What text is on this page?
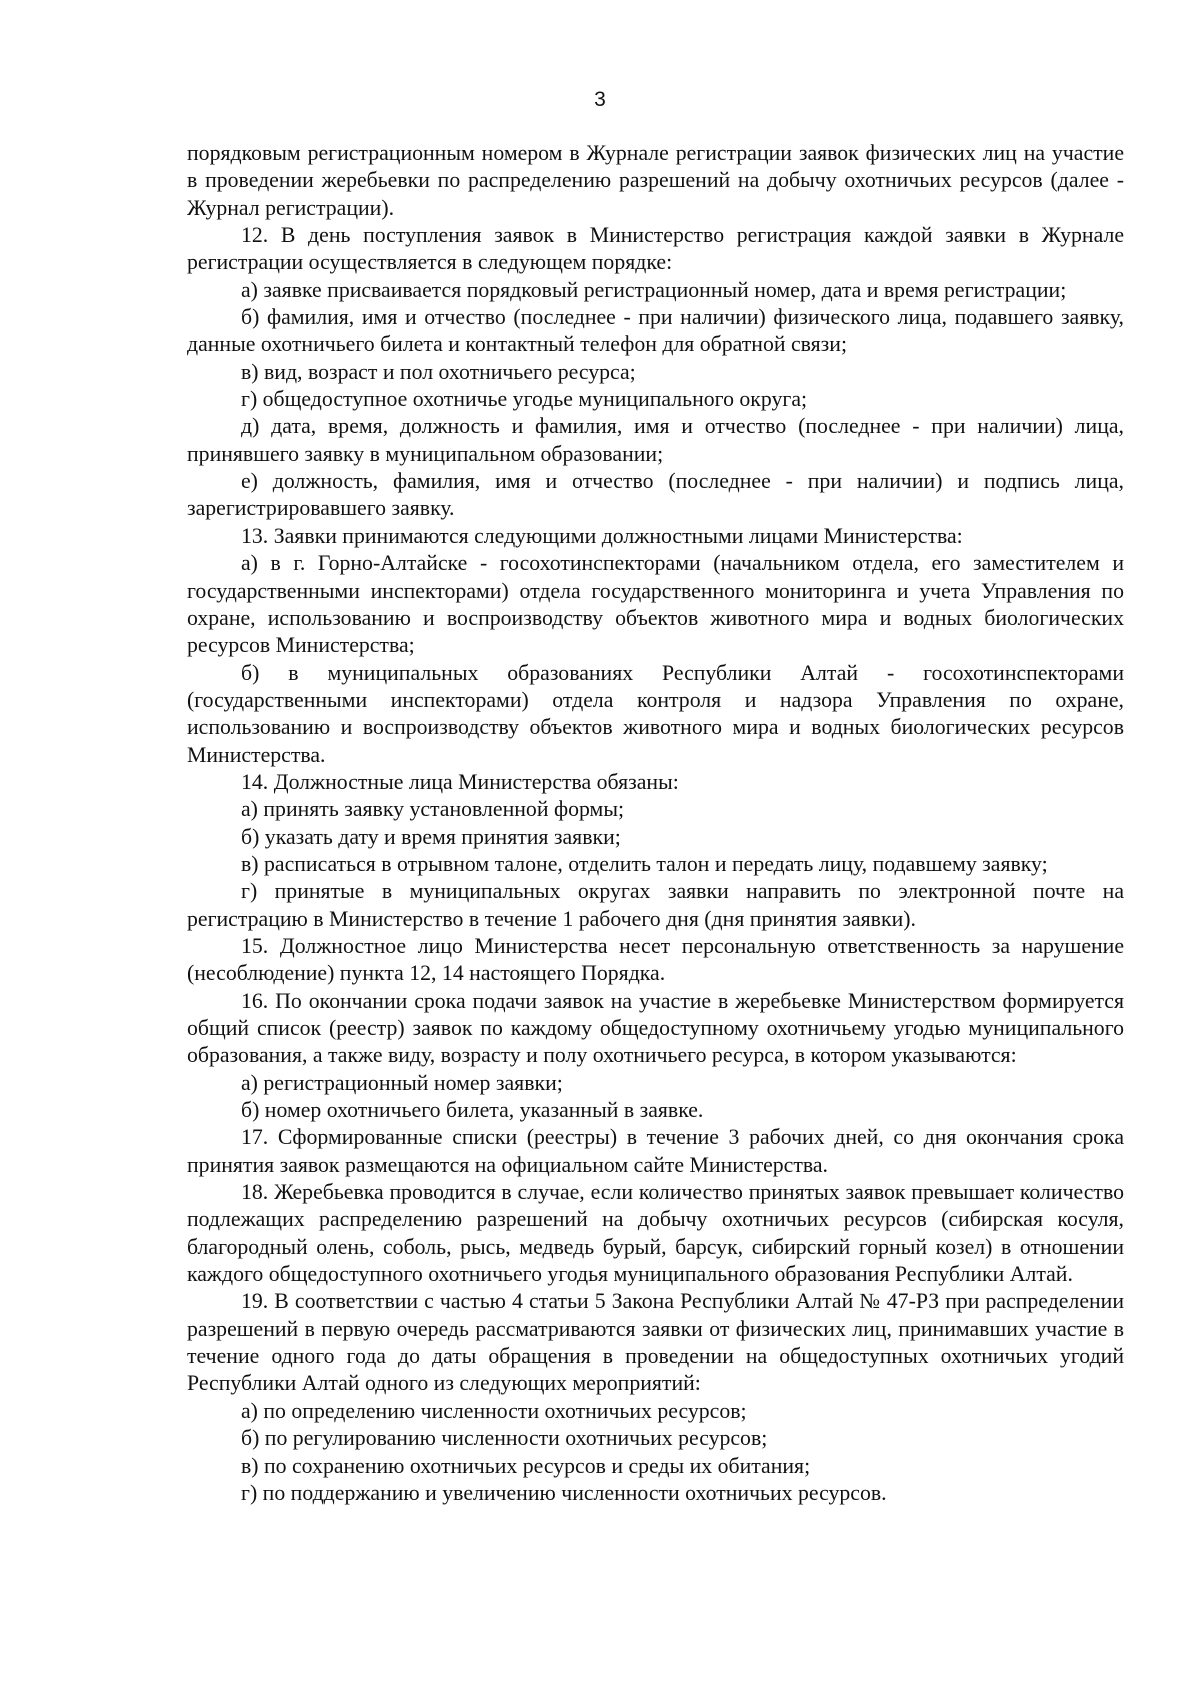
3

порядковым регистрационным номером в Журнале регистрации заявок физических лиц на участие в проведении жеребьевки по распределению разрешений на добычу охотничьих ресурсов (далее - Журнал регистрации).

12. В день поступления заявок в Министерство регистрация каждой заявки в Журнале регистрации осуществляется в следующем порядке:

а) заявке присваивается порядковый регистрационный номер, дата и время регистрации;

б) фамилия, имя и отчество (последнее - при наличии) физического лица, подавшего заявку, данные охотничьего билета и контактный телефон для обратной связи;

в) вид, возраст и пол охотничьего ресурса;

г) общедоступное охотничье угодье муниципального округа;

д) дата, время, должность и фамилия, имя и отчество (последнее - при наличии) лица, принявшего заявку в муниципальном образовании;

е) должность, фамилия, имя и отчество (последнее - при наличии) и подпись лица, зарегистрировавшего заявку.

13. Заявки принимаются следующими должностными лицами Министерства:

а) в г. Горно-Алтайске - госохотинспекторами (начальником отдела, его заместителем и государственными инспекторами) отдела государственного мониторинга и учета Управления по охране, использованию и воспроизводству объектов животного мира и водных биологических ресурсов Министерства;

б) в муниципальных образованиях Республики Алтай - госохотинспекторами (государственными инспекторами) отдела контроля и надзора Управления по охране, использованию и воспроизводству объектов животного мира и водных биологических ресурсов Министерства.

14. Должностные лица Министерства обязаны:

а) принять заявку установленной формы;

б) указать дату и время принятия заявки;

в) расписаться в отрывном талоне, отделить талон и передать лицу, подавшему заявку;

г) принятые в муниципальных округах заявки направить по электронной почте на регистрацию в Министерство в течение 1 рабочего дня (дня принятия заявки).

15. Должностное лицо Министерства несет персональную ответственность за нарушение (несоблюдение) пункта 12, 14 настоящего Порядка.

16. По окончании срока подачи заявок на участие в жеребьевке Министерством формируется общий список (реестр) заявок по каждому общедоступному охотничьему угодью муниципального образования, а также виду, возрасту и полу охотничьего ресурса, в котором указываются:

а) регистрационный номер заявки;

б) номер охотничьего билета, указанный в заявке.

17. Сформированные списки (реестры) в течение 3 рабочих дней, со дня окончания срока принятия заявок размещаются на официальном сайте Министерства.

18. Жеребьевка проводится в случае, если количество принятых заявок превышает количество подлежащих распределению разрешений на добычу охотничьих ресурсов (сибирская косуля, благородный олень, соболь, рысь, медведь бурый, барсук, сибирский горный козел) в отношении каждого общедоступного охотничьего угодья муниципального образования Республики Алтай.

19. В соответствии с частью 4 статьи 5 Закона Республики Алтай № 47-РЗ при распределении разрешений в первую очередь рассматриваются заявки от физических лиц, принимавших участие в течение одного года до даты обращения в проведении на общедоступных охотничьих угодий Республики Алтай одного из следующих мероприятий:

а) по определению численности охотничьих ресурсов;

б) по регулированию численности охотничьих ресурсов;

в) по сохранению охотничьих ресурсов и среды их обитания;

г) по поддержанию и увеличению численности охотничьих ресурсов.
